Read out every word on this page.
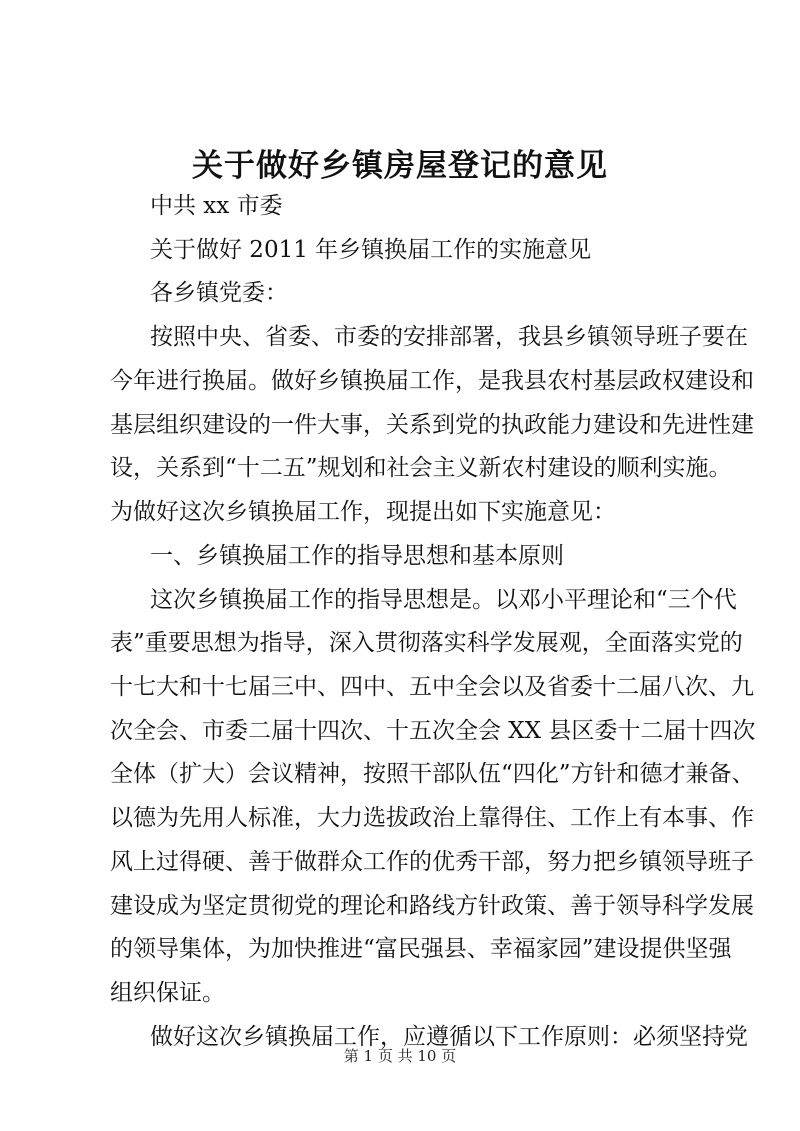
关于做好乡镇房屋登记的意见

中共 xx 市委

关于做好 2011 年乡镇换届工作的实施意见

各乡镇党委：

按照中央、省委、市委的安排部署，我县乡镇领导班子要在

今年进行换届。做好乡镇换届工作，是我县农村基层政权建设和

基层组织建设的一件大事，关系到党的执政能力建设和先进性建

设，关系到“十二五”规划和社会主义新农村建设的顺利实施。

为做好这次乡镇换届工作，现提出如下实施意见：

一、乡镇换届工作的指导思想和基本原则

这次乡镇换届工作的指导思想是。以邓小平理论和“三个代

表”重要思想为指导，深入贯彻落实科学发展观，全面落实党的

十七大和十七届三中、四中、五中全会以及省委十二届八次、九

次全会、市委二届十四次、十五次全会 XX 县区委十二届十四次

全体（扩大）会议精神，按照干部队伍“四化”方针和德才兼备、

以德为先用人标准，大力选拔政治上靠得住、工作上有本事、作

风上过得硬、善于做群众工作的优秀干部，努力把乡镇领导班子

建设成为坚定贯彻党的理论和路线方针政策、善于领导科学发展

的领导集体，为加快推进“富民强县、幸福家园”建设提供坚强

组织保证。

做好这次乡镇换届工作，应遵循以下工作原则：必须坚持党

第 1 页 共 10 页
